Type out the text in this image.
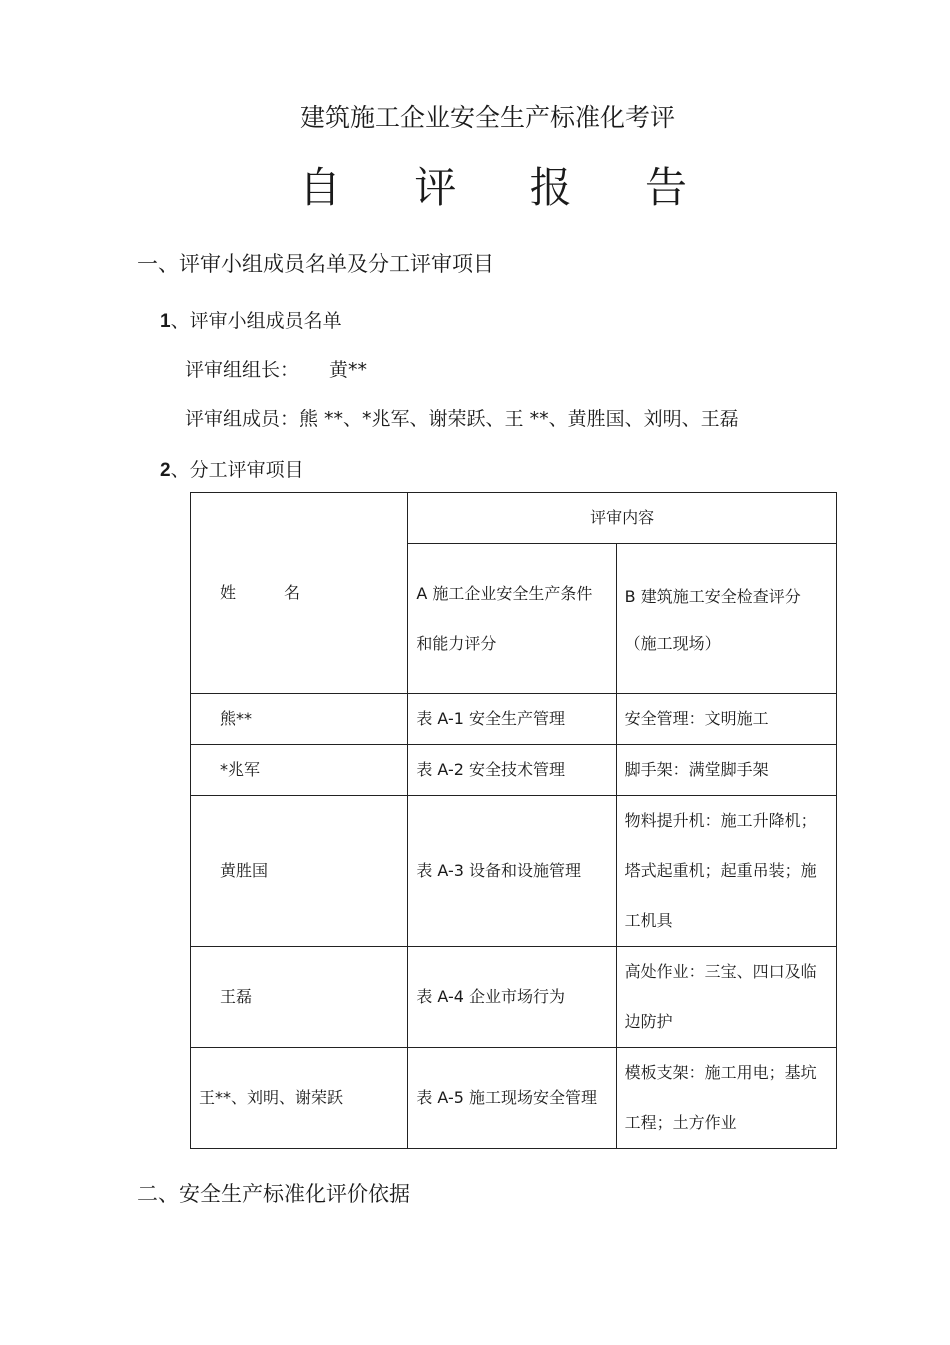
建筑施工企业安全生产标准化考评
自 评 报 告
一、评审小组成员名单及分工评审项目
1、评审小组成员名单
评审组组长： 黄**
评审组成员：熊 **、*兆军、谢荣跃、王 **、黄胜国、刘明、王磊
2、分工评审项目
姓 名	评审内容	
	A 施工企业安全生产条件和能力评分	B 建筑施工安全检查评分
（施工现场）

熊**	表 A-1 安全生产管理	安全管理：文明施工
*兆军	表 A-2 安全技术管理	脚手架：满堂脚手架
黄胜国	表 A-3 设备和设施管理	物料提升机：施工升降机；塔式起重机；起重吊装；施工机具
王磊	表 A-4 企业市场行为	高处作业：三宝、四口及临边防护
王**、刘明、谢荣跃	表 A-5 施工现场安全管理	模板支架：施工用电；基坑工程；土方作业
二、安全生产标准化评价依据
